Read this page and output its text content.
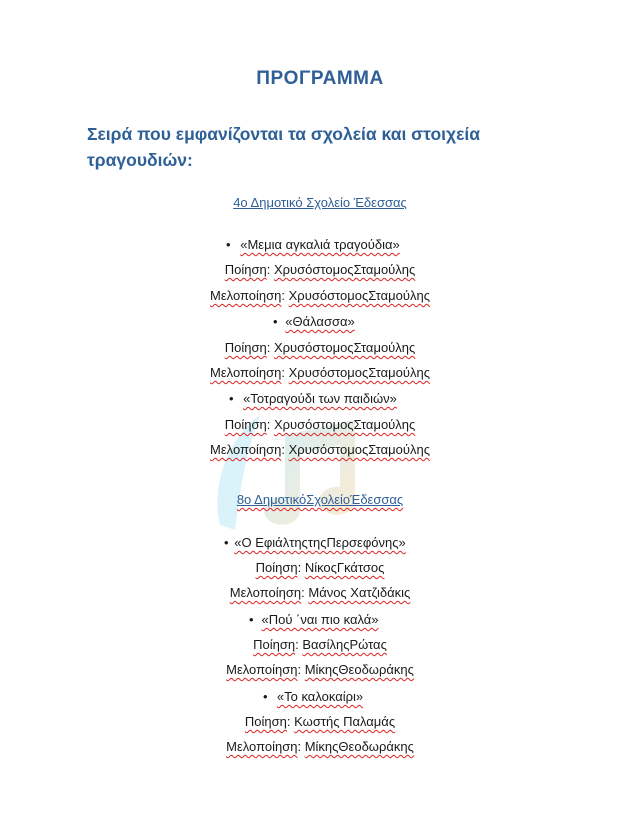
ΠΡΟΓΡΑΜΜΑ
Σειρά που εμφανίζονται τα σχολεία και στοιχεία τραγουδιών:
4ο Δημοτικό Σχολείο Έδεσσας
• «Μεμια αγκαλιά τραγούδια»
Ποίηση: ΧρυσόστομοςΣταμούλης
Μελοποίηση: ΧρυσόστομοςΣταμούλης
• «Θάλασσα»
Ποίηση: ΧρυσόστομοςΣταμούλης
Μελοποίηση: ΧρυσόστομοςΣταμούλης
• «Τοτραγούδι των παιδιών»
Ποίηση: ΧρυσόστομοςΣταμούλης
Μελοποίηση: ΧρυσόστομοςΣταμούλης
8ο ΔημοτικόΣχολείοΈδεσσας
• «Ο ΕφιάλτηςτηςΠερσεφόνης»
Ποίηση: ΝίκοςΓκάτσος
Μελοποίηση: Μάνος Χατζιδάκις
• «Πού ΄ναι πιο καλά»
Ποίηση: ΒασίληςΡώτας
Μελοποίηση: ΜίκηςΘεοδωράκης
• «Το καλοκαίρι»
Ποίηση: Κωστής Παλαμάς
Μελοποίηση: ΜίκηςΘεοδωράκης
